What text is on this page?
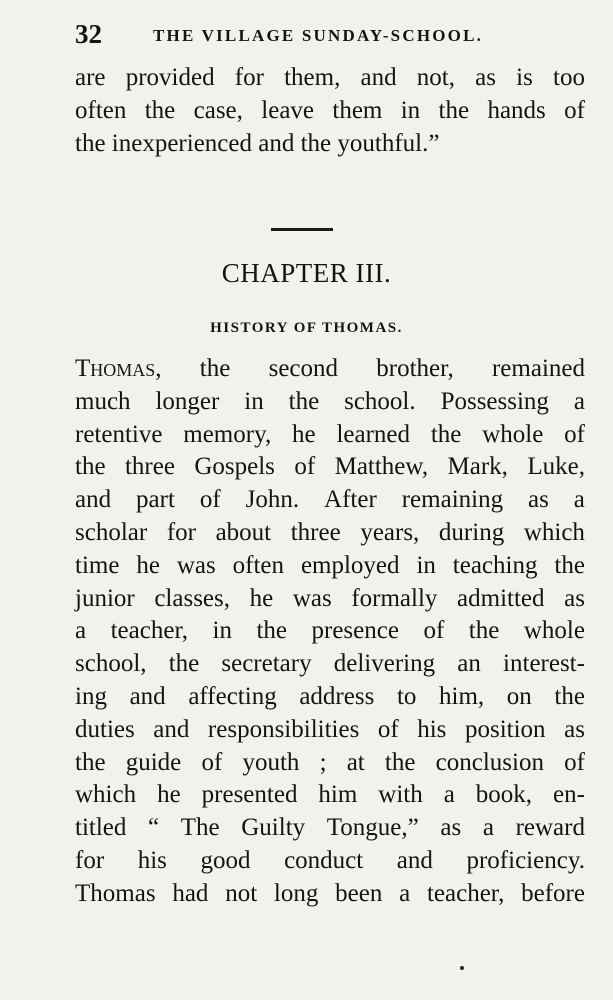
32	THE VILLAGE SUNDAY-SCHOOL.
are provided for them, and not, as is too
often the case, leave them in the hands of
the inexperienced and the youthful.”
CHAPTER III.
HISTORY OF THOMAS.
Thomas, the second brother, remained
much longer in the school. Possessing a
retentive memory, he learned the whole of
the three Gospels of Matthew, Mark, Luke,
and part of John. After remaining as a
scholar for about three years, during which
time he was often employed in teaching the
junior classes, he was formally admitted as
a teacher, in the presence of the whole
school, the secretary delivering an interest-
ing and affecting address to him, on the
duties and responsibilities of his position as
the guide of youth ; at the conclusion of
which he presented him with a book, en-
titled “ The Guilty Tongue,” as a reward
for his good conduct and proficiency.
Thomas had not long been a teacher, before
